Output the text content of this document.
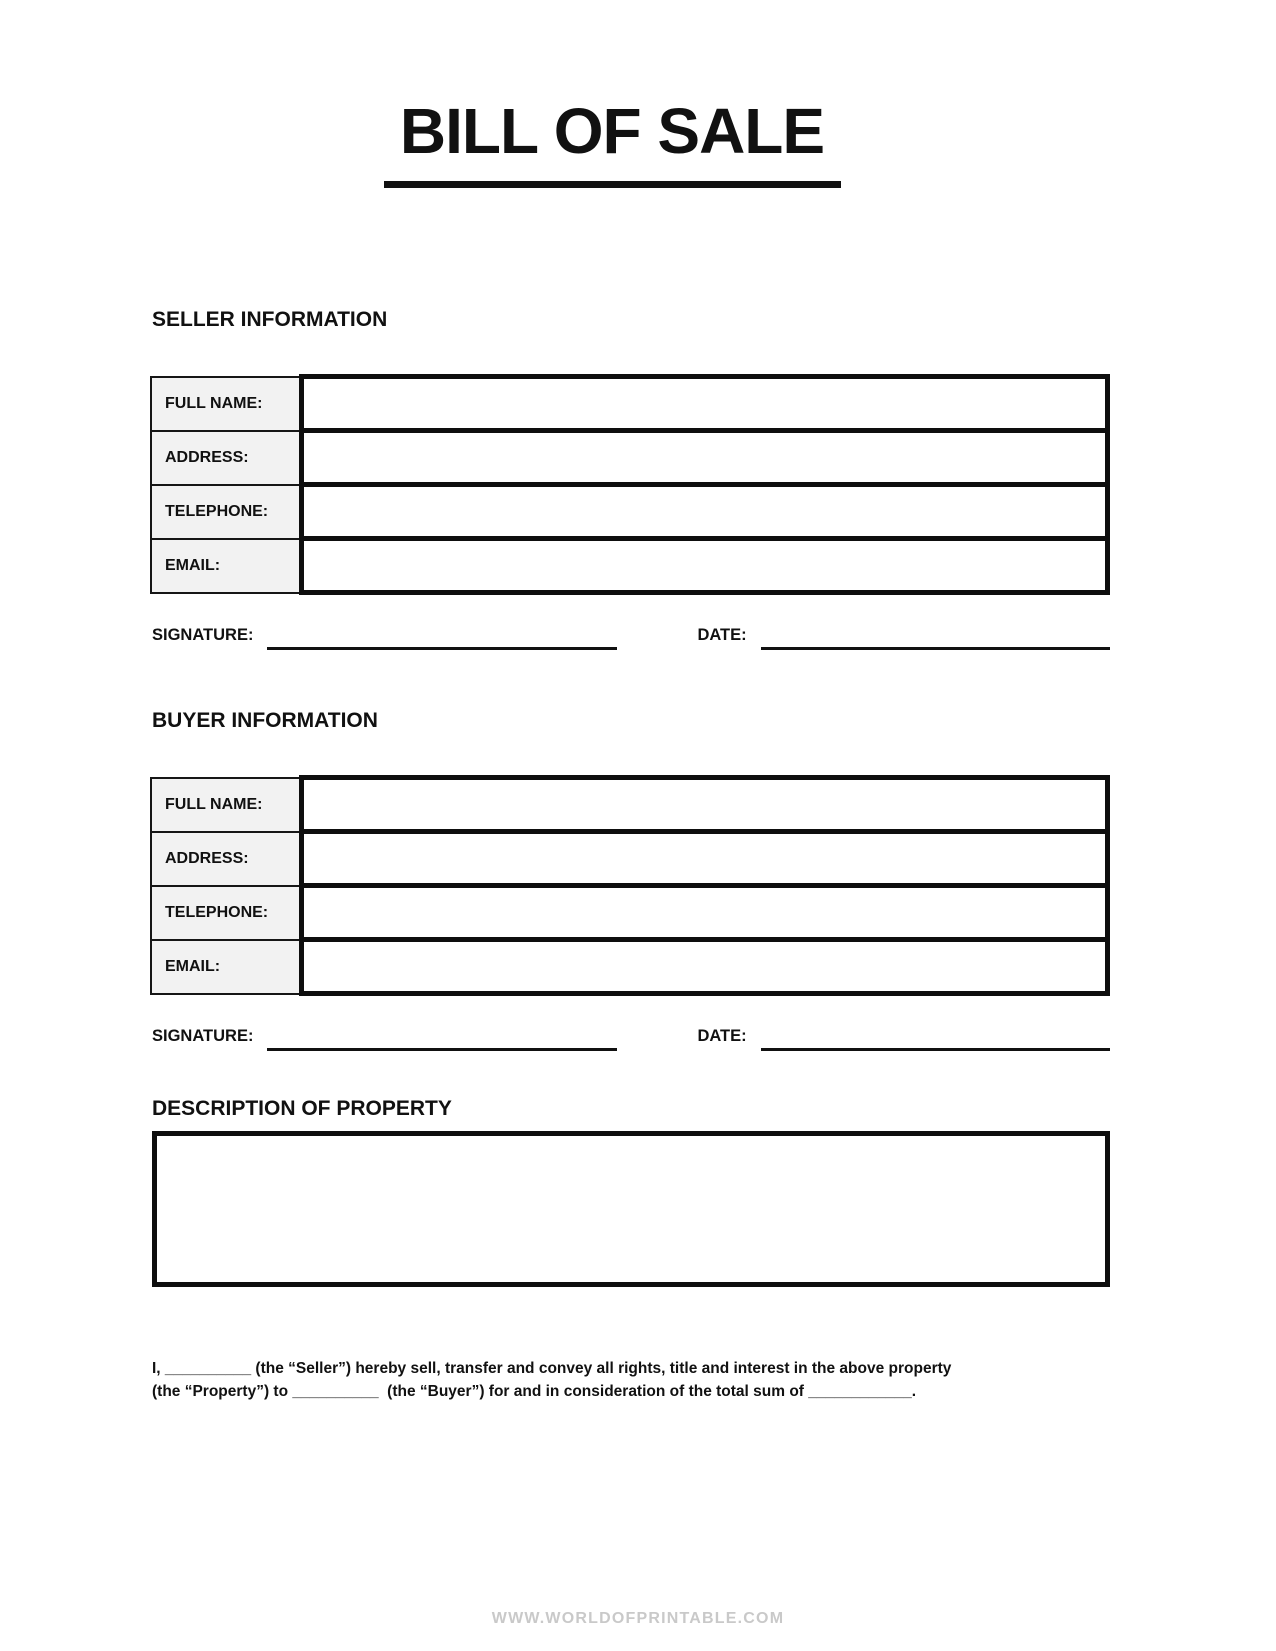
BILL OF SALE
SELLER INFORMATION
FULL NAME:	
ADDRESS:	
TELEPHONE:	
EMAIL:	
SIGNATURE:	DATE:
BUYER INFORMATION
FULL NAME:	
ADDRESS:	
TELEPHONE:	
EMAIL:	
SIGNATURE:	DATE:
DESCRIPTION OF PROPERTY
I, __________ (the “Seller”) hereby sell, transfer and convey all rights, title and interest in the above property
(the “Property”) to __________  (the “Buyer”) for and in consideration of the total sum of ____________.
WWW.WORLDOFPRINTABLE.COM
